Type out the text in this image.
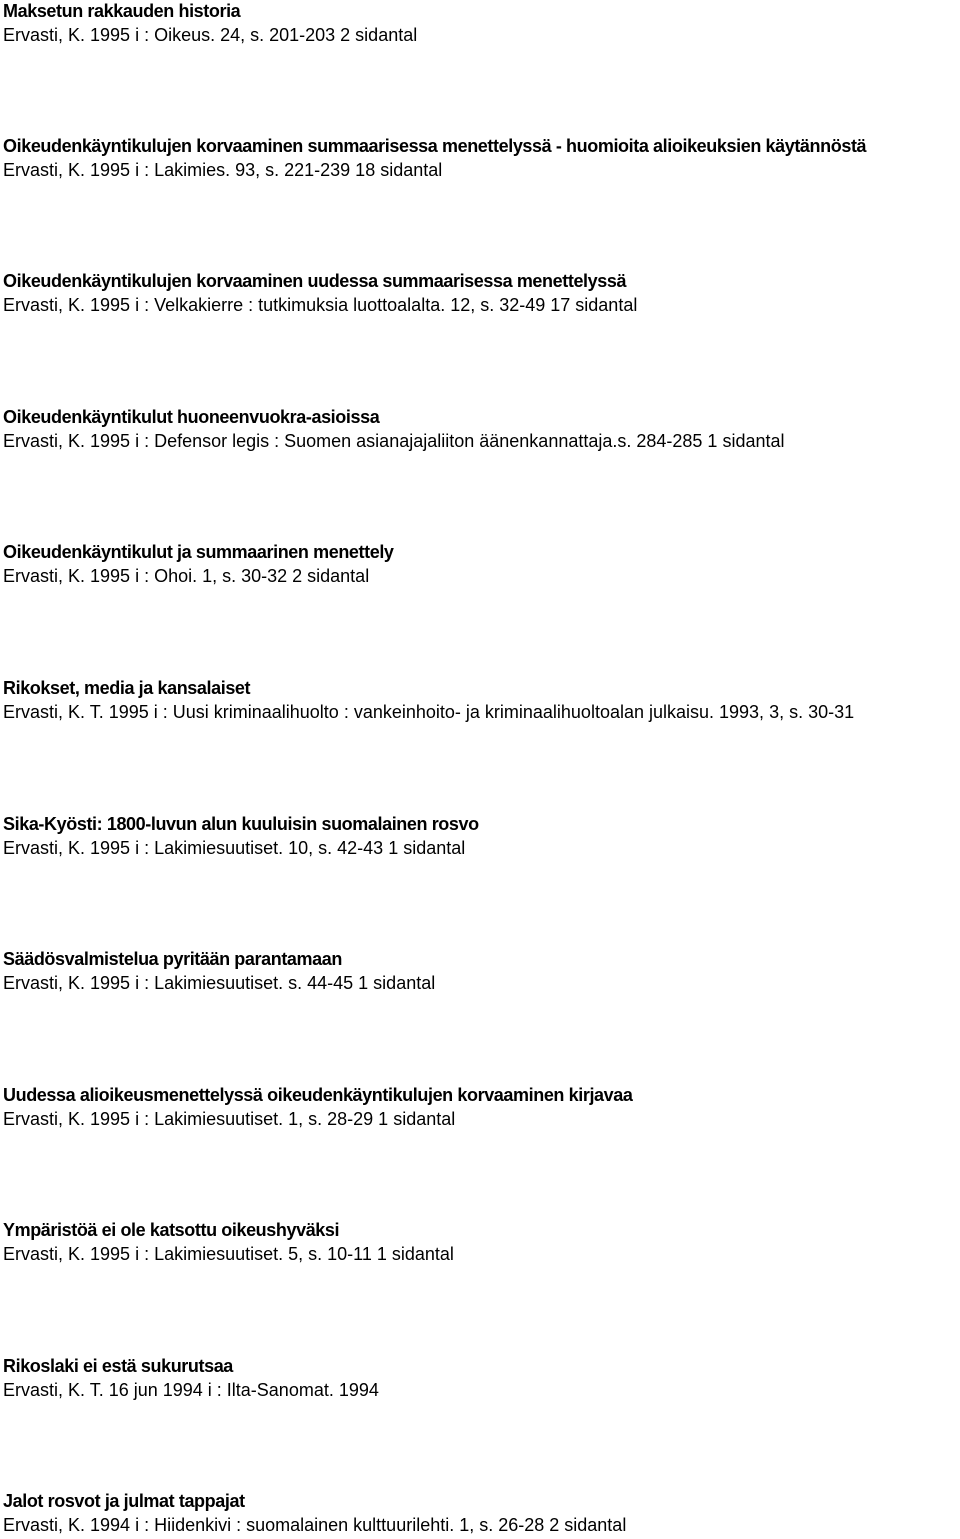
Maksetun rakkauden historia
Ervasti, K. 1995 i : Oikeus. 24, s. 201-203 2 sidantal
Oikeudenkäyntikulujen korvaaminen summaarisessa menettelyssä - huomioita alioikeuksien käytännöstä
Ervasti, K. 1995 i : Lakimies. 93, s. 221-239 18 sidantal
Oikeudenkäyntikulujen korvaaminen uudessa summaarisessa menettelyssä
Ervasti, K. 1995 i : Velkakierre : tutkimuksia luottoalalta. 12, s. 32-49 17 sidantal
Oikeudenkäyntikulut huoneenvuokra-asioissa
Ervasti, K. 1995 i : Defensor legis : Suomen asianajajaliiton äänenkannattaja.s. 284-285 1 sidantal
Oikeudenkäyntikulut ja summaarinen menettely
Ervasti, K. 1995 i : Ohoi. 1, s. 30-32 2 sidantal
Rikokset, media ja kansalaiset
Ervasti, K. T. 1995 i : Uusi kriminaalihuolto : vankeinhoito- ja kriminaalihuoltoalan julkaisu. 1993, 3, s. 30-31
Sika-Kyösti: 1800-luvun alun kuuluisin suomalainen rosvo
Ervasti, K. 1995 i : Lakimiesuutiset. 10, s. 42-43 1 sidantal
Säädösvalmistelua pyritään parantamaan
Ervasti, K. 1995 i : Lakimiesuutiset. s. 44-45 1 sidantal
Uudessa alioikeusmenettelyssä oikeudenkäyntikulujen korvaaminen kirjavaa
Ervasti, K. 1995 i : Lakimiesuutiset. 1, s. 28-29 1 sidantal
Ympäristöä ei ole katsottu oikeushyväksi
Ervasti, K. 1995 i : Lakimiesuutiset. 5, s. 10-11 1 sidantal
Rikoslaki ei estä sukurutsaa
Ervasti, K. T. 16 jun 1994 i : Ilta-Sanomat. 1994
Jalot rosvot ja julmat tappajat
Ervasti, K. 1994 i : Hiidenkivi : suomalainen kulttuurilehti. 1, s. 26-28 2 sidantal
